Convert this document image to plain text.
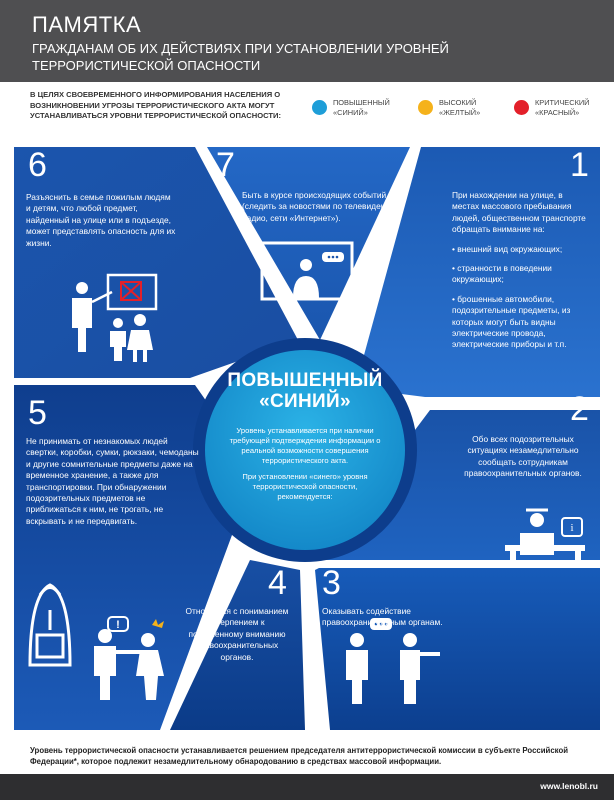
ПАМЯТКА
ГРАЖДАНАМ ОБ ИХ ДЕЙСТВИЯХ ПРИ УСТАНОВЛЕНИИ УРОВНЕЙ ТЕРРОРИСТИЧЕСКОЙ ОПАСНОСТИ
В ЦЕЛЯХ СВОЕВРЕМЕННОГО ИНФОРМИРОВАНИЯ НАСЕЛЕНИЯ О ВОЗНИКНОВЕНИИ УГРОЗЫ ТЕРРОРИСТИЧЕСКОГО АКТА МОГУТ УСТАНАВЛИВАТЬСЯ УРОВНИ ТЕРРОРИСТИЧЕСКОЙ ОПАСНОСТИ:
ПОВЫШЕННЫЙ
«СИНИЙ»
ВЫСОКИЙ
«ЖЕЛТЫЙ»
КРИТИЧЕСКИЙ
«КРАСНЫЙ»
i
!
6	7	1
2
5
4 3
Разъяснить в семье пожилым людям и детям, что любой предмет, найденный на улице или в подъезде, может представлять опасность для их жизни.
Быть в курсе происходящих событий (следить за новостями по телевидению, радио, сети «Интернет»).
При нахождении на улице, в местах массового пребывания людей, общественном транспорте обращать внимание на:
• внешний вид окружающих;
• странности в поведении окружающих;
• брошенные автомобили, подозрительные предметы, из которых могут быть видны электрические провода, электрические приборы и т.п.
Обо всех подозрительных ситуациях незамедлительно сообщать сотрудникам правоохранительных органов.
Не принимать от незнакомых людей свертки, коробки, сумки, рюкзаки, чемоданы и другие сомнительные предметы даже на временное хранение, а также для транспортировки. При обнаружении подозрительных предметов не приближаться к ним, не трогать, не вскрывать и не передвигать.
Относиться с пониманием и терпением к повышенному вниманию правоохранительных органов.
Оказывать содействие правоохранительным органам.
ПОВЫШЕННЫЙ
«СИНИЙ»
Уровень устанавливается при наличии требующей подтверждения информации о реальной возможности совершения террористического акта.
При установлении «синего» уровня террористической опасности, рекомендуется:
Уровень террористической опасности устанавливается решением председателя антитеррористической комиссии в субъекте Российской Федерации*, которое подлежит незамедлительному обнародованию в средствах массовой информации.
www.lenobl.ru
